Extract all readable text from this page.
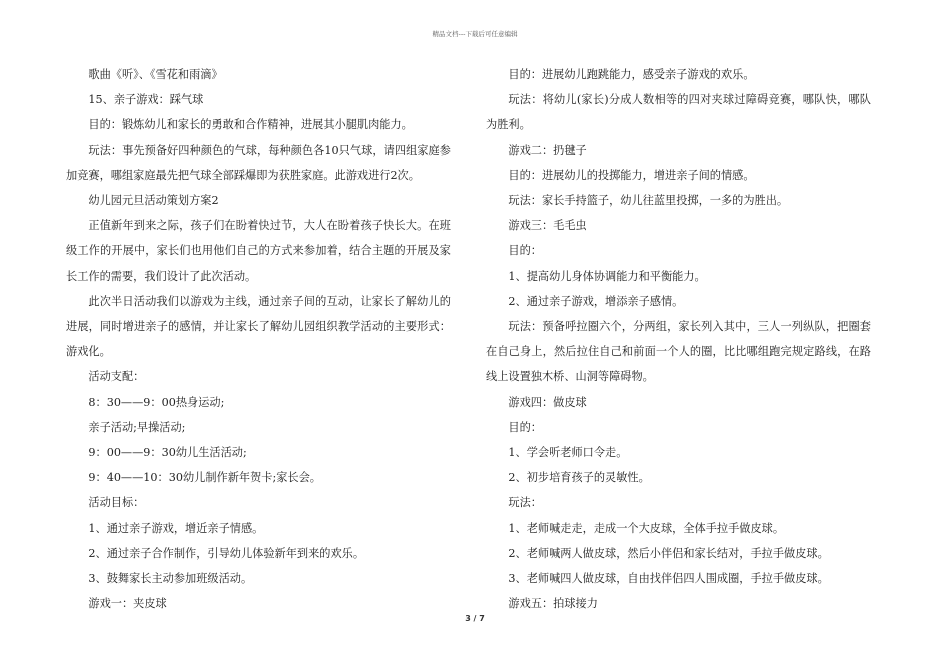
精品文档---下载后可任意编辑

歌曲《听》、《雪花和雨滴》

15、亲子游戏：踩气球

目的：锻炼幼儿和家长的勇敢和合作精神，进展其小腿肌肉能力。

玩法：事先预备好四种颜色的气球，每种颜色各10只气球，请四组家庭参加竞赛，哪组家庭最先把气球全部踩爆即为获胜家庭。此游戏进行2次。

幼儿园元旦活动策划方案2

正值新年到来之际，孩子们在盼着快过节，大人在盼着孩子快长大。在班级工作的开展中，家长们也用他们自己的方式来参加着，结合主题的开展及家长工作的需要，我们设计了此次活动。

此次半日活动我们以游戏为主线，通过亲子间的互动，让家长了解幼儿的进展，同时增进亲子的感情，并让家长了解幼儿园组织教学活动的主要形式：游戏化。

活动支配：

8：30——9：00热身运动;

亲子活动;早操活动;

9：00——9：30幼儿生活活动;

9：40——10：30幼儿制作新年贺卡;家长会。

活动目标：

1、通过亲子游戏，增近亲子情感。

2、通过亲子合作制作，引导幼儿体验新年到来的欢乐。

3、鼓舞家长主动参加班级活动。

游戏一：夹皮球

目的：进展幼儿跑跳能力，感受亲子游戏的欢乐。

玩法：将幼儿(家长)分成人数相等的四对夹球过障碍竞赛，哪队快，哪队为胜利。

游戏二：扔毽子

目的：进展幼儿的投掷能力，增进亲子间的情感。

玩法：家长手持篮子，幼儿往蓝里投掷，一多的为胜出。

游戏三：毛毛虫

目的：

1、提高幼儿身体协调能力和平衡能力。

2、通过亲子游戏，增添亲子感情。

玩法：预备呼拉圈六个，分两组，家长列入其中，三人一列纵队，把圈套在自己身上，然后拉住自己和前面一个人的圈，比比哪组跑完规定路线，在路线上设置独木桥、山洞等障碍物。

游戏四：做皮球

目的：

1、学会听老师口令走。

2、初步培育孩子的灵敏性。

玩法：

1、老师喊走走，走成一个大皮球，全体手拉手做皮球。

2、老师喊两人做皮球，然后小伴侣和家长结对，手拉手做皮球。

3、老师喊四人做皮球，自由找伴侣四人围成圈，手拉手做皮球。

游戏五：拍球接力

3 / 7
